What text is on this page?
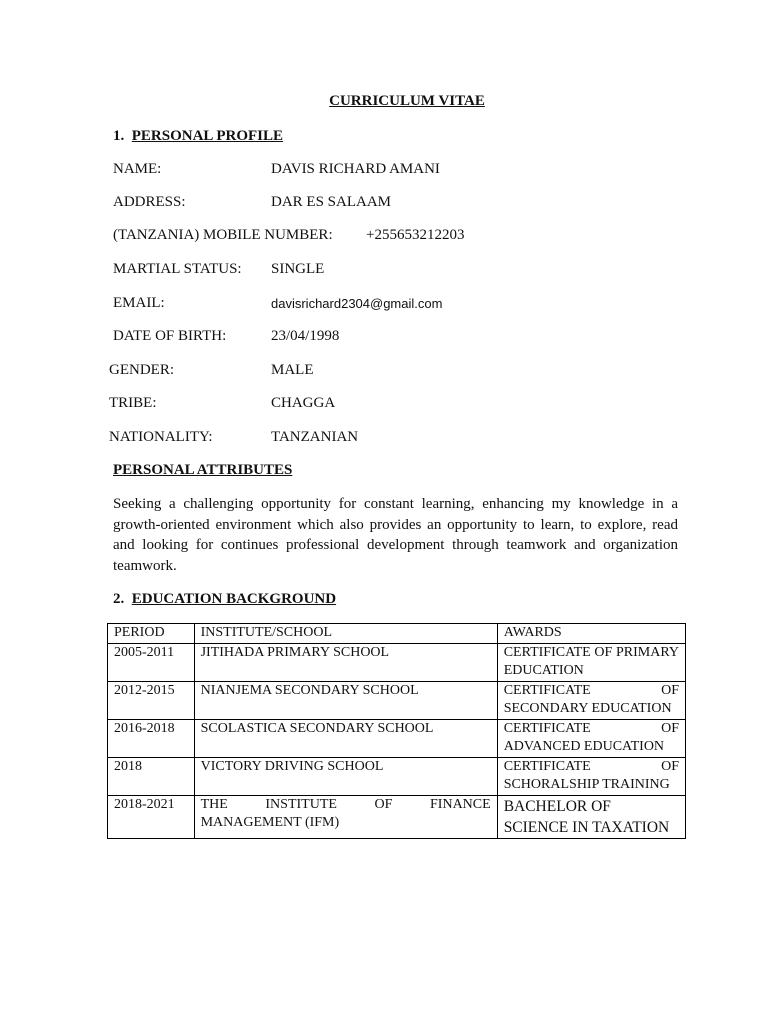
CURRICULUM VITAE
1. PERSONAL PROFILE
NAME:	DAVIS RICHARD AMANI
ADDRESS:	DAR ES SALAAM
(TANZANIA) MOBILE NUMBER: +255653212203
MARTIAL STATUS: SINGLE
EMAIL:	davisrichard2304@gmail.com
DATE OF BIRTH:	23/04/1998
GENDER:	MALE
TRIBE:	CHAGGA
NATIONALITY:	TANZANIAN
PERSONAL ATTRIBUTES
Seeking a challenging opportunity for constant learning, enhancing my knowledge in a growth-oriented environment which also provides an opportunity to learn, to explore, read and looking for continues professional development through teamwork and organization teamwork.
2. EDUCATION BACKGROUND
PERIOD	INSTITUTE/SCHOOL	AWARDS
2005-2011	JITIHADA PRIMARY SCHOOL	CERTIFICATE OF PRIMARY EDUCATION
2012-2015	NIANJEMA SECONDARY SCHOOL	CERTIFICATE OF SECONDARY EDUCATION
2016-2018	SCOLASTICA SECONDARY SCHOOL	CERTIFICATE OF ADVANCED EDUCATION
2018	VICTORY DRIVING SCHOOL	CERTIFICATE OF SCHORALSHIP TRAINING
2018-2021	THE INSTITUTE OF FINANCE MANAGEMENT (IFM)	BACHELOR OF SCIENCE IN TAXATION
